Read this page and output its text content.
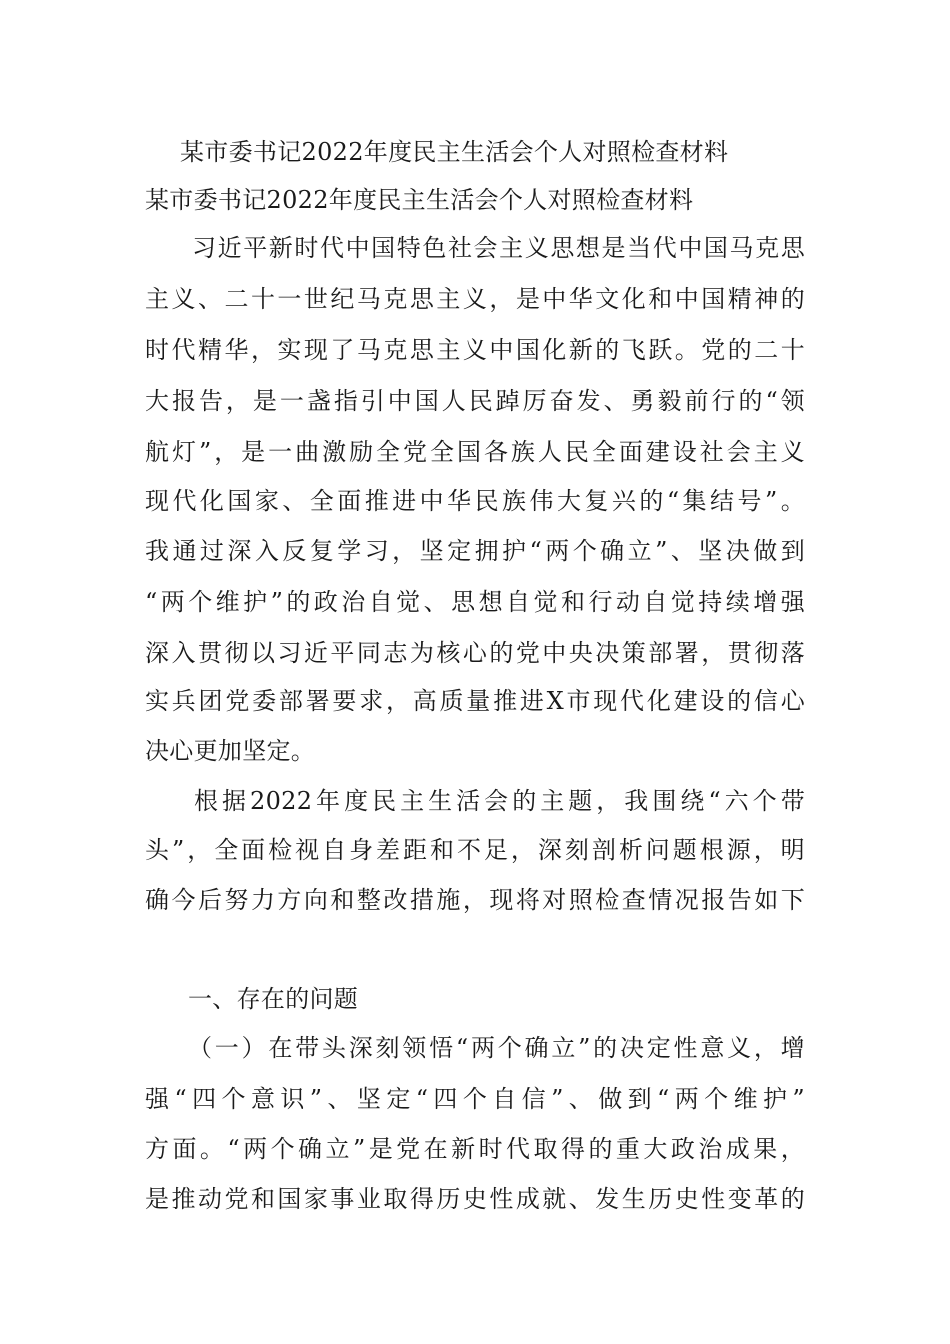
某市委书记2022年度民主生活会个人对照检查材料
某市委书记2022年度民主生活会个人对照检查材料
习近平新时代中国特色社会主义思想是当代中国马克思
主义、二十一世纪马克思主义，是中华文化和中国精神的
时代精华，实现了马克思主义中国化新的飞跃。党的二十
大报告，是一盏指引中国人民踔厉奋发、勇毅前行的“领
航灯”，是一曲激励全党全国各族人民全面建设社会主义
现代化国家、全面推进中华民族伟大复兴的“集结号”。
我通过深入反复学习，坚定拥护“两个确立”、坚决做到
“两个维护”的政治自觉、思想自觉和行动自觉持续增强
深入贯彻以习近平同志为核心的党中央决策部署，贯彻落
实兵团党委部署要求，高质量推进X市现代化建设的信心
决心更加坚定。
根据2022年度民主生活会的主题，我围绕“六个带
头”，全面检视自身差距和不足，深刻剖析问题根源，明
确今后努力方向和整改措施，现将对照检查情况报告如下
一、存在的问题
（一）在带头深刻领悟“两个确立”的决定性意义，增
强“四个意识”、坚定“四个自信”、做到“两个维护”
方面。“两个确立”是党在新时代取得的重大政治成果，
是推动党和国家事业取得历史性成就、发生历史性变革的
